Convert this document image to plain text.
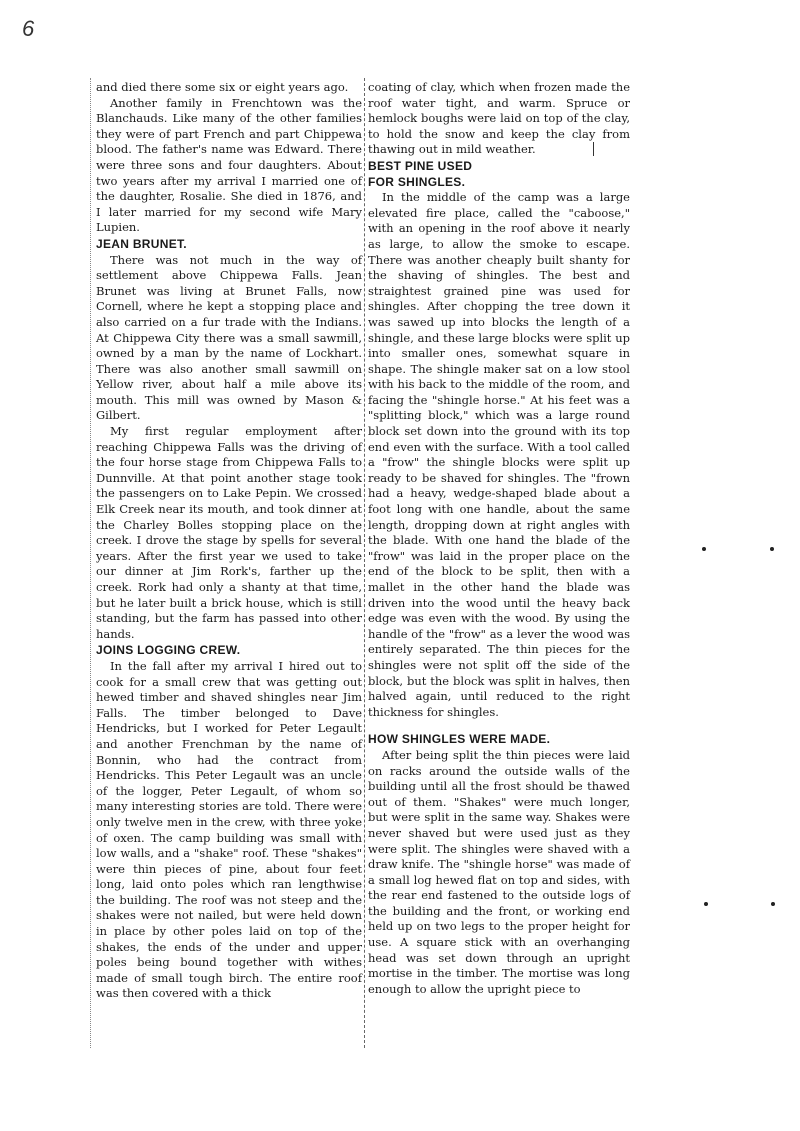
6

and died there some six or eight years ago.

Another family in Frenchtown was the Blanchauds. Like many of the other families they were of part French and part Chippewa blood. The father's name was Edward. There were three sons and four daughters. About two years after my arrival I married one of the daughter, Rosalie. She died in 1876, and I later married for my second wife Mary Lupien.

JEAN BRUNET.

There was not much in the way of settlement above Chippewa Falls. Jean Brunet was living at Brunet Falls, now Cornell, where he kept a stopping place and also carried on a fur trade with the Indians. At Chippewa City there was a small sawmill, owned by a man by the name of Lockhart. There was also another small sawmill on Yellow river, about half a mile above its mouth. This mill was owned by Mason & Gilbert.

My first regular employment after reaching Chippewa Falls was the driving of the four horse stage from Chippewa Falls to Dunnville. At that point another stage took the passengers on to Lake Pepin. We crossed Elk Creek near its mouth, and took dinner at the Charley Bolles stopping place on the creek. I drove the stage by spells for several years. After the first year we used to take our dinner at Jim Rork's, farther up the creek. Rork had only a shanty at that time, but he later built a brick house, which is still standing, but the farm has passed into other hands.

JOINS LOGGING CREW.

In the fall after my arrival I hired out to cook for a small crew that was getting out hewed timber and shaved shingles near Jim Falls. The timber belonged to Dave Hendricks, but I worked for Peter Legault and another Frenchman by the name of Bonnin, who had the contract from Hendricks. This Peter Legault was an uncle of the logger, Peter Legault, of whom so many interesting stories are told. There were only twelve men in the crew, with three yoke of oxen. The camp building was small with low walls, and a "shake" roof. These "shakes" were thin pieces of pine, about four feet long, laid onto poles which ran lengthwise the building. The roof was not steep and the shakes were not nailed, but were held down in place by other poles laid on top of the shakes, the ends of the under and upper poles being bound together with withes made of small tough birch. The entire roof was then covered with a thick

coating of clay, which when frozen made the roof water tight, and warm. Spruce or hemlock boughs were laid on top of the clay, to hold the snow and keep the clay from thawing out in mild weather.

BEST PINE USED
FOR SHINGLES.

In the middle of the camp was a large elevated fire place, called the "caboose," with an opening in the roof above it nearly as large, to allow the smoke to escape. There was another cheaply built shanty for the shaving of shingles. The best and straightest grained pine was used for shingles. After chopping the tree down it was sawed up into blocks the length of a shingle, and these large blocks were split up into smaller ones, somewhat square in shape. The shingle maker sat on a low stool with his back to the middle of the room, and facing the "shingle horse." At his feet was a "splitting block," which was a large round block set down into the ground with its top end even with the surface. With a tool called a "frow" the shingle blocks were split up ready to be shaved for shingles. The "frown had a heavy, wedge-shaped blade about a foot long with one handle, about the same length, dropping down at right angles with the blade. With one hand the blade of the "frow" was laid in the proper place on the end of the block to be split, then with a mallet in the other hand the blade was driven into the wood until the heavy back edge was even with the wood. By using the handle of the "frow" as a lever the wood was entirely separated. The thin pieces for the shingles were not split off the side of the block, but the block was split in halves, then halved again, until reduced to the right thickness for shingles.

HOW SHINGLES WERE MADE.

After being split the thin pieces were laid on racks around the outside walls of the building until all the frost should be thawed out of them. "Shakes" were much longer, but were split in the same way. Shakes were never shaved but were used just as they were split. The shingles were shaved with a draw knife. The "shingle horse" was made of a small log hewed flat on top and sides, with the rear end fastened to the outside logs of the building and the front, or working end held up on two legs to the proper height for use. A square stick with an overhanging head was set down through an upright mortise in the timber. The mortise was long enough to allow the upright piece to
